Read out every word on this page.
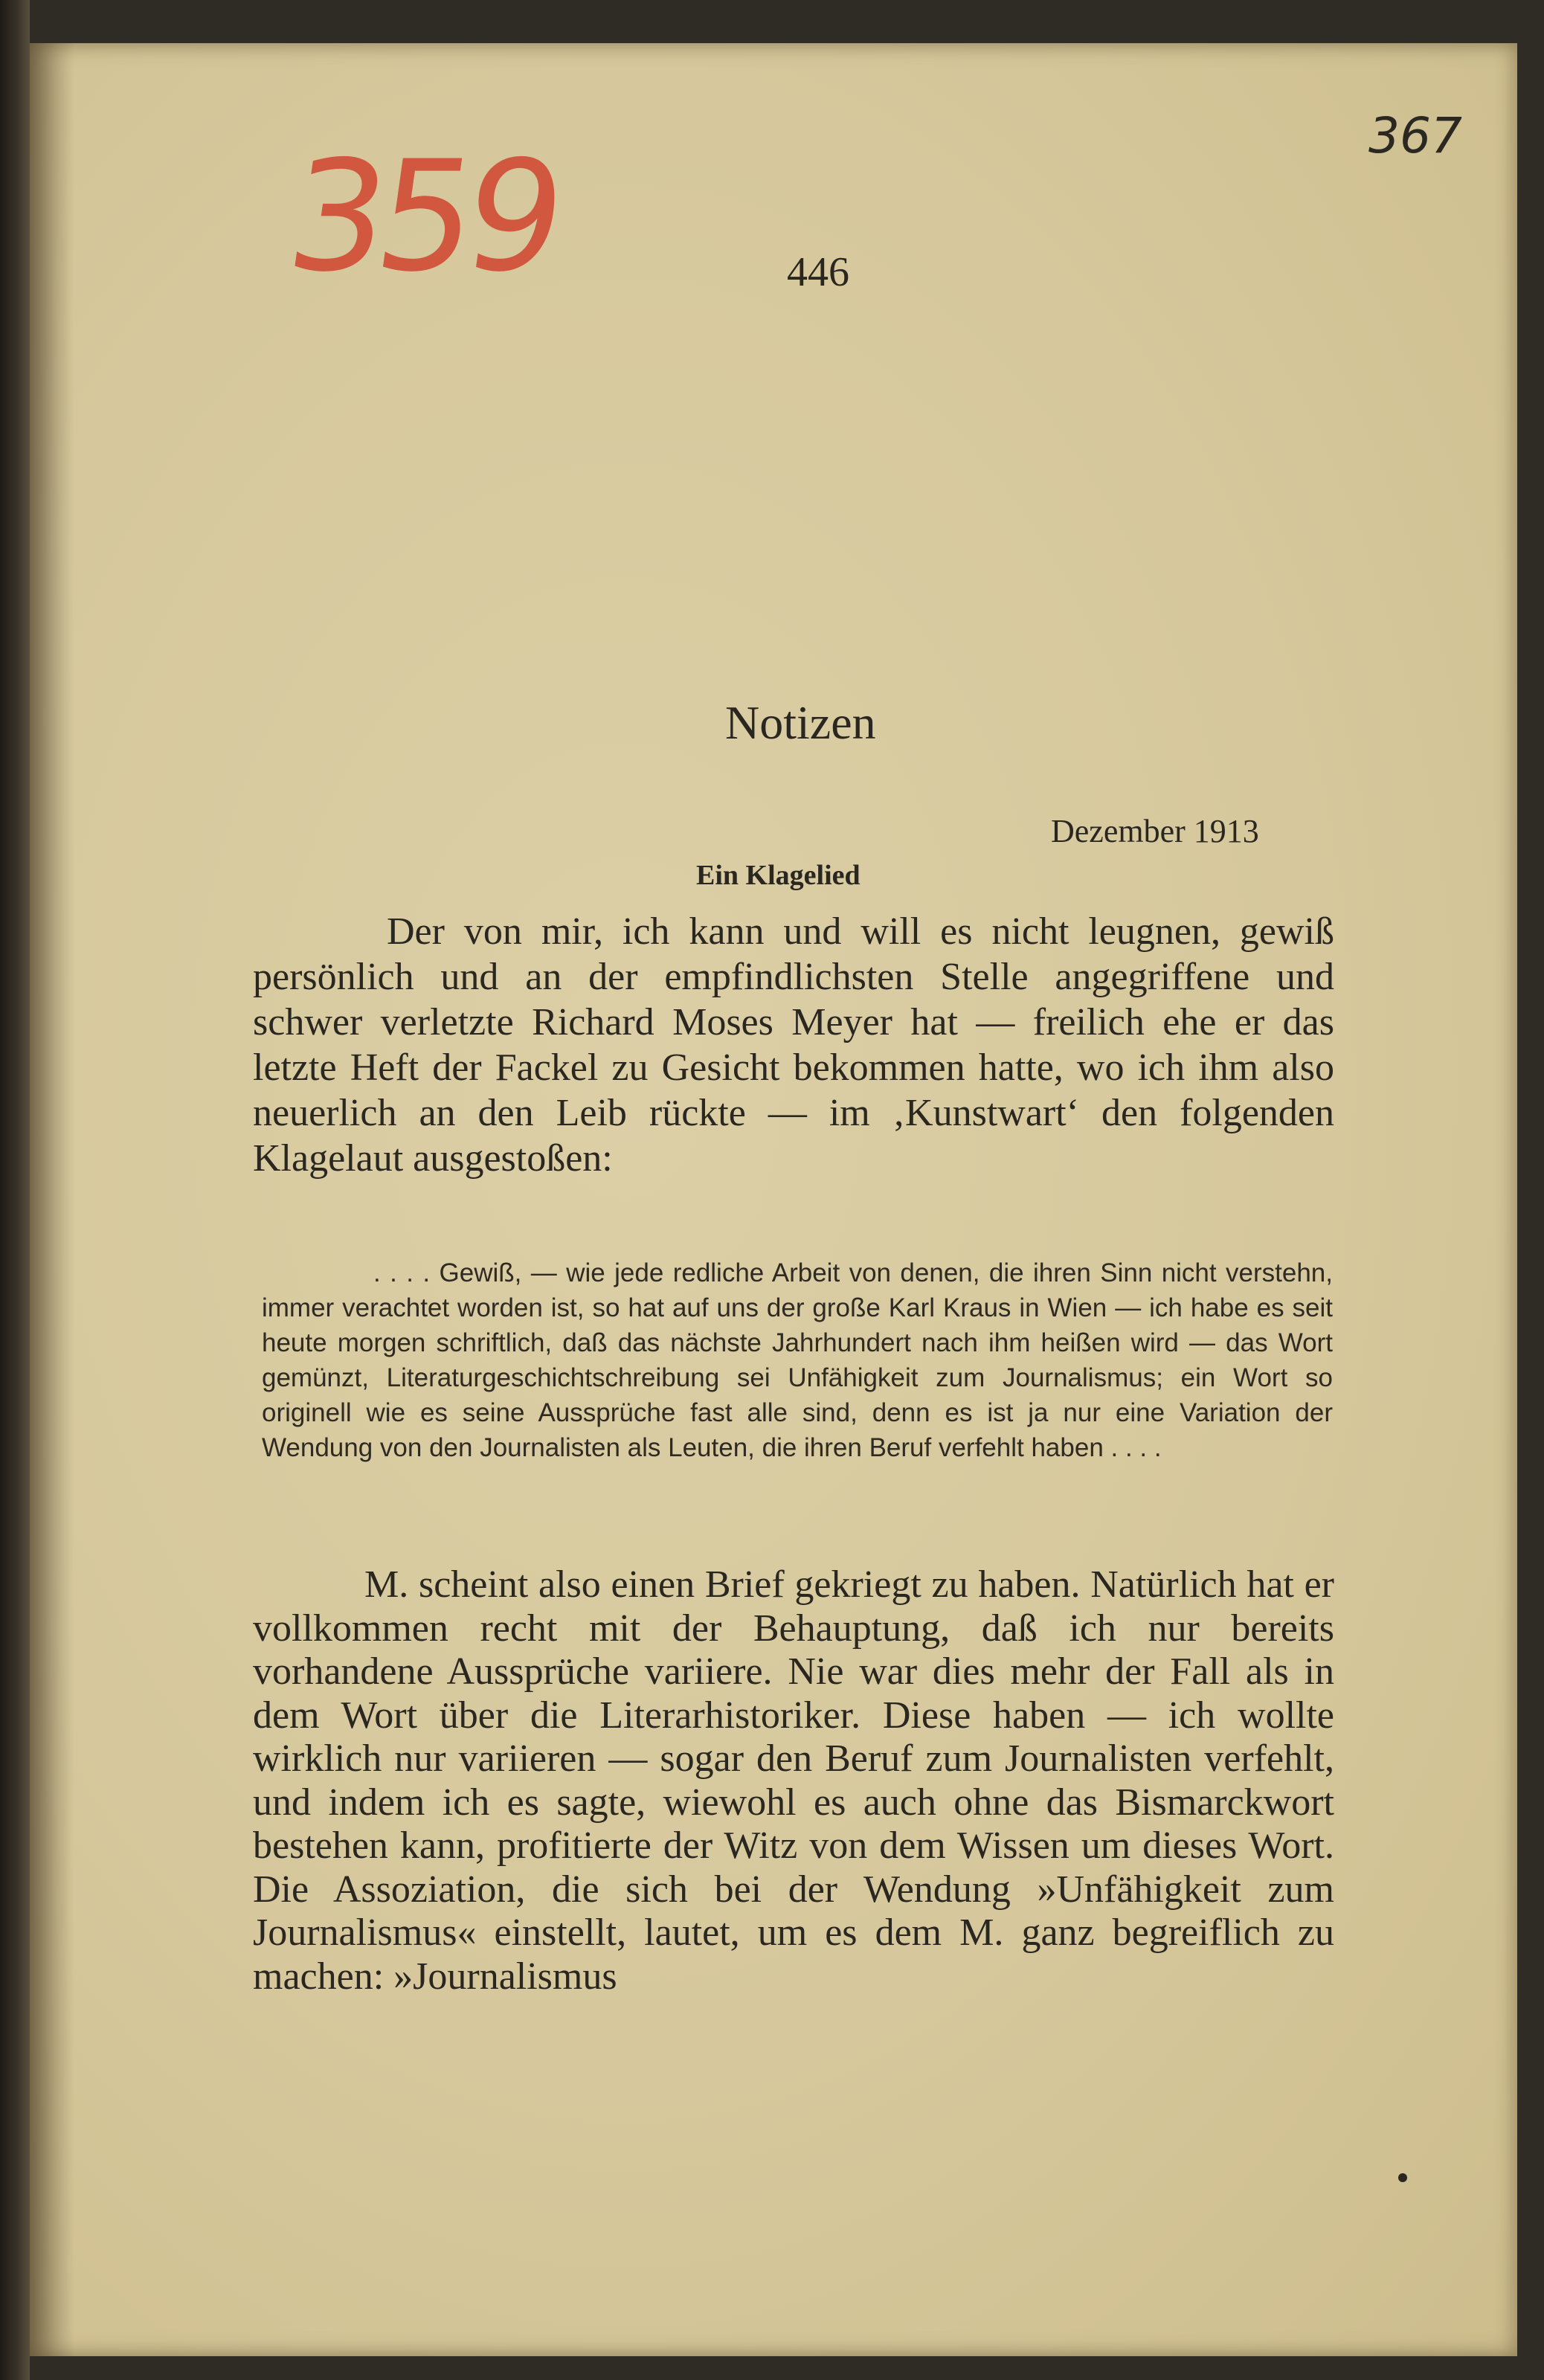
359	367
446
Notizen
Dezember 1913
Ein Klagelied

Der von mir, ich kann und will es nicht leugnen, gewiß persönlich und an der empfindlichsten Stelle angegriffene und schwer verletzte Richard Moses Meyer hat — freilich ehe er das letzte Heft der Fackel zu Gesicht bekommen hatte, wo ich ihm also neuerlich an den Leib rückte — im ‚Kunstwart‘ den folgenden Klagelaut ausgestoßen:

. . . . Gewiß, — wie jede redliche Arbeit von denen, die ihren Sinn nicht verstehn, immer verachtet worden ist, so hat auf uns der große Karl Kraus in Wien — ich habe es seit heute morgen schriftlich, daß das nächste Jahrhundert nach ihm heißen wird — das Wort gemünzt, Literaturgeschichtschreibung sei Unfähigkeit zum Journalismus; ein Wort so originell wie es seine Aussprüche fast alle sind, denn es ist ja nur eine Variation der Wendung von den Journalisten als Leuten, die ihren Beruf verfehlt haben . . . .

M. scheint also einen Brief gekriegt zu haben. Natürlich hat er vollkommen recht mit der Behauptung, daß ich nur bereits vorhandene Aussprüche variiere. Nie war dies mehr der Fall als in dem Wort über die Literarhistoriker. Diese haben — ich wollte wirklich nur variieren — sogar den Beruf zum Journalisten verfehlt, und indem ich es sagte, wiewohl es auch ohne das Bismarckwort bestehen kann, profitierte der Witz von dem Wissen um dieses Wort. Die Assoziation, die sich bei der Wendung »Unfähigkeit zum Journalismus« einstellt, lautet, um es dem M. ganz begreiflich zu machen: »Journalismus
